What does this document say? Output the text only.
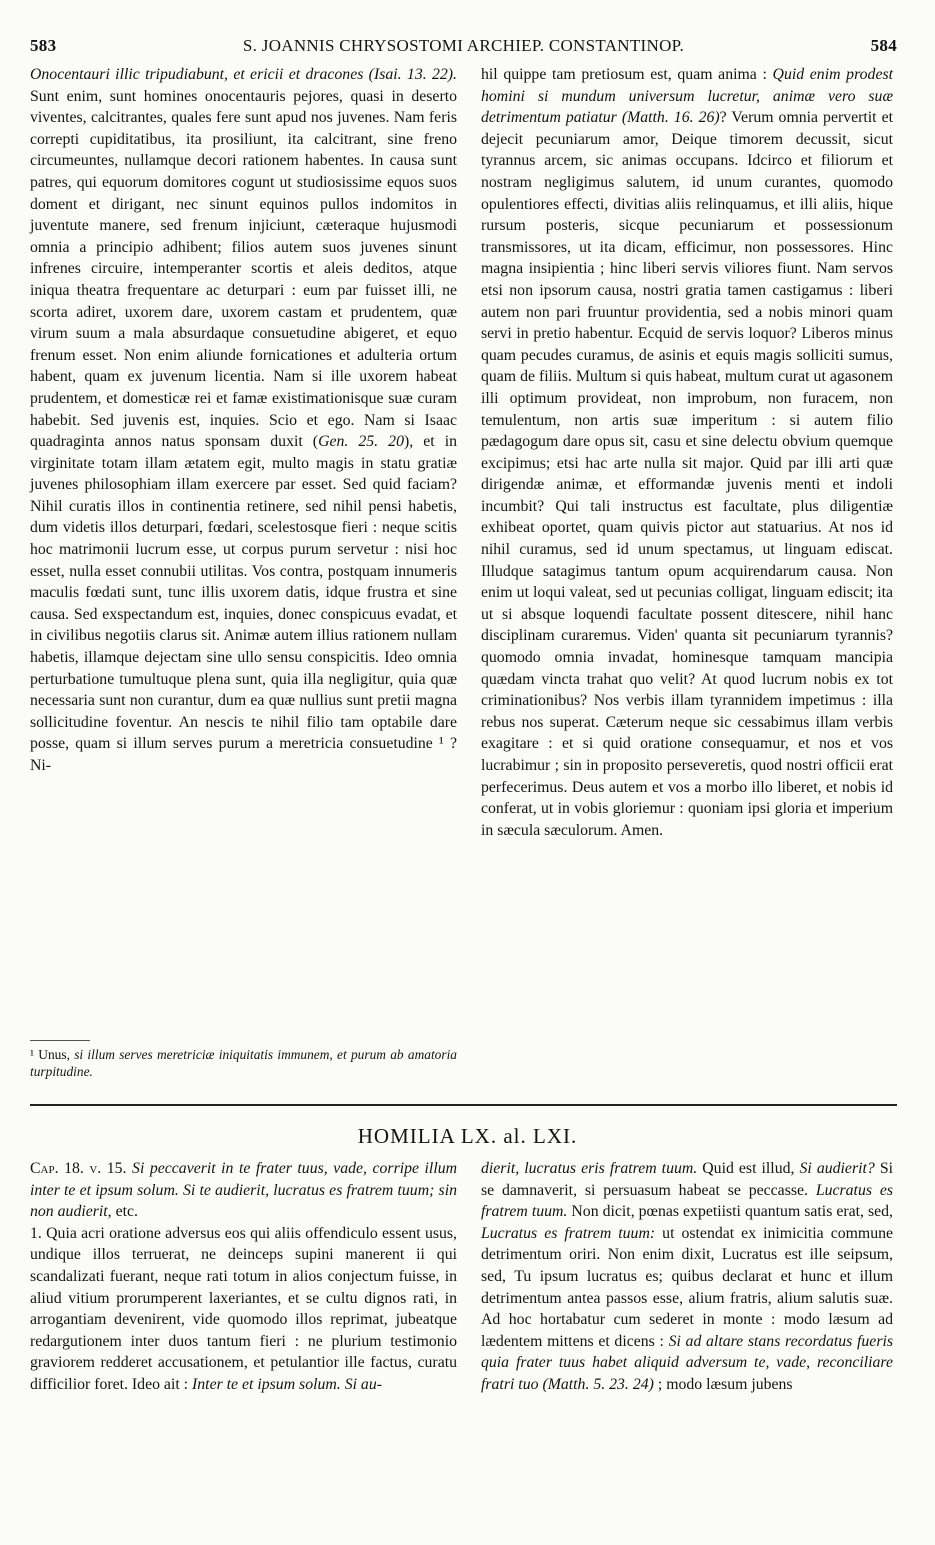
583	S. JOANNIS CHRYSOSTOMI ARCHIEP. CONSTANTINOP.	584

Onocentauri illic tripudiabunt, et ericii et dracones (Isai. 13. 22). Sunt enim, sunt homines onocentauris pejores, quasi in deserto viventes, calcitrantes, quales fere sunt apud nos juvenes. Nam feris correpti cupiditatibus, ita prosiliunt, ita calcitrant, sine freno circumeuntes, nullamque decori rationem habentes. In causa sunt patres, qui equorum domitores cogunt ut studiosissime equos suos doment et dirigant, nec sinunt equinos pullos indomitos in juventute manere, sed frenum injiciunt, cæteraque hujusmodi omnia a principio adhibent; filios autem suos juvenes sinunt infrenes circuire, intemperanter scortis et aleis deditos, atque iniqua theatra frequentare ac deturpari : eum par fuisset illi, ne scorta adiret, uxorem dare, uxorem castam et prudentem, quæ virum suum a mala absurdaque consuetudine abigeret, et equo frenum esset. Non enim aliunde fornicationes et adulteria ortum habent, quam ex juvenum licentia. Nam si ille uxorem habeat prudentem, et domesticæ rei et famæ existimationisque suæ curam habebit. Sed juvenis est, inquies. Scio et ego. Nam si Isaac quadraginta annos natus sponsam duxit (Gen. 25. 20), et in virginitate totam illam ætatem egit, multo magis in statu gratiæ juvenes philosophiam illam exercere par esset. Sed quid faciam? Nihil curatis illos in continentia retinere, sed nihil pensi habetis, dum videtis illos deturpari, fœdari, scelestosque fieri : neque scitis hoc matrimonii lucrum esse, ut corpus purum servetur : nisi hoc esset, nulla esset connubii utilitas. Vos contra, postquam innumeris maculis fœdati sunt, tunc illis uxorem datis, idque frustra et sine causa. Sed exspectandum est, inquies, donec conspicuus evadat, et in civilibus negotiis clarus sit. Animæ autem illius rationem nullam habetis, illamque dejectam sine ullo sensu conspicitis. Ideo omnia perturbatione tumultuque plena sunt, quia illa negligitur, quia quæ necessaria sunt non curantur, dum ea quæ nullius sunt pretii magna sollicitudine foventur. An nescis te nihil filio tam optabile dare posse, quam si illum serves purum a meretricia consuetudine ¹ ? Ni-

¹ Unus, si illum serves meretriciæ iniquitatis immunem, et purum ab amatoria turpitudine.

hil quippe tam pretiosum est, quam anima : Quid enim prodest homini si mundum universum lucretur, animæ vero suæ detrimentum patiatur (Matth. 16. 26)? Verum omnia pervertit et dejecit pecuniarum amor, Deique timorem decussit, sicut tyrannus arcem, sic animas occupans. Idcirco et filiorum et nostram negligimus salutem, id unum curantes, quomodo opulentiores effecti, divitias aliis relinquamus, et illi aliis, hique rursum posteris, sicque pecuniarum et possessionum transmissores, ut ita dicam, efficimur, non possessores. Hinc magna insipientia ; hinc liberi servis viliores fiunt. Nam servos etsi non ipsorum causa, nostri gratia tamen castigamus : liberi autem non pari fruuntur providentia, sed a nobis minori quam servi in pretio habentur. Ecquid de servis loquor? Liberos minus quam pecudes curamus, de asinis et equis magis solliciti sumus, quam de filiis. Multum si quis habeat, multum curat ut agasonem illi optimum provideat, non improbum, non furacem, non temulentum, non artis suæ imperitum : si autem filio pædagogum dare opus sit, casu et sine delectu obvium quemque excipimus; etsi hac arte nulla sit major. Quid par illi arti quæ dirigendæ animæ, et efformandæ juvenis menti et indoli incumbit? Qui tali instructus est facultate, plus diligentiæ exhibeat oportet, quam quivis pictor aut statuarius. At nos id nihil curamus, sed id unum spectamus, ut linguam ediscat. Illudque satagimus tantum opum acquirendarum causa. Non enim ut loqui valeat, sed ut pecunias colligat, linguam ediscit; ita ut si absque loquendi facultate possent ditescere, nihil hanc disciplinam curaremus. Viden' quanta sit pecuniarum tyrannis? quomodo omnia invadat, hominesque tamquam mancipia quædam vincta trahat quo velit? At quod lucrum nobis ex tot criminationibus? Nos verbis illam tyrannidem impetimus : illa rebus nos superat. Cæterum neque sic cessabimus illam verbis exagitare : et si quid oratione consequamur, et nos et vos lucrabimur ; sin in proposito perseveretis, quod nostri officii erat perfecerimus. Deus autem et vos a morbo illo liberet, et nobis id conferat, ut in vobis gloriemur : quoniam ipsi gloria et imperium in sæcula sæculorum. Amen.

HOMILIA LX. al. LXI.

Cap. 18. v. 15. Si peccaverit in te frater tuus, vade, corripe illum inter te et ipsum solum. Si te audierit, lucratus es fratrem tuum; sin non audierit, etc.

1. Quia acri oratione adversus eos qui aliis offendiculo essent usus, undique illos terruerat, ne deinceps supini manerent ii qui scandalizati fuerant, neque rati totum in alios conjectum fuisse, in aliud vitium prorumperent laxeriantes, et se cultu dignos rati, in arrogantiam devenirent, vide quomodo illos reprimat, jubeatque redargutionem inter duos tantum fieri : ne plurium testimonio graviorem redderet accusationem, et petulantior ille factus, curatu difficilior foret. Ideo ait : Inter te et ipsum solum. Si au-

dierit, lucratus eris fratrem tuum. Quid est illud, Si audierit? Si se damnaverit, si persuasum habeat se peccasse. Lucratus es fratrem tuum. Non dicit, pœnas expetiisti quantum satis erat, sed, Lucratus es fratrem tuum: ut ostendat ex inimicitia commune detrimentum oriri. Non enim dixit, Lucratus est ille seipsum, sed, Tu ipsum lucratus es; quibus declarat et hunc et illum detrimentum antea passos esse, alium fratris, alium salutis suæ. Ad hoc hortabatur cum sederet in monte : modo læsum ad lædentem mittens et dicens : Si ad altare stans recordatus fueris quia frater tuus habet aliquid adversum te, vade, reconciliare fratri tuo (Matth. 5. 23. 24) ; modo læsum jubens
